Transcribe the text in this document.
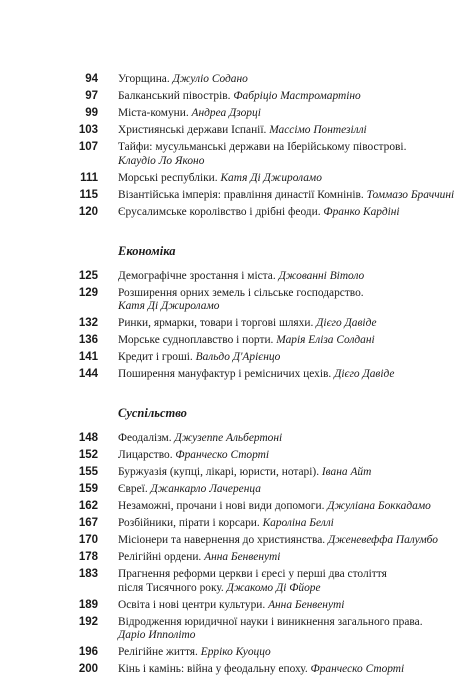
94 Угорщина. Джуліо Содано
97 Балканський півострів. Фабріціо Мастромартіно
99 Міста-комуни. Андреа Дзорці
103 Християнські держави Іспанії. Массімо Понтезіллі
107 Тайфи: мусульманські держави на Іберійському півострові.
Клаудіо Ло Яконо
111 Морські республіки. Катя Ді Джироламо
115 Візантійська імперія: правління династії Комнінів. Томмазо Браччині
120 Єрусалимське королівство і дрібні феоди. Франко Кардіні
Економіка
125 Демографічне зростання і міста. Джованні Вітоло
129 Розширення орних земель і сільське господарство.
Катя Ді Джироламо
132 Ринки, ярмарки, товари і торгові шляхи. Дієго Давіде
136 Морське судноплавство і порти. Марія Еліза Солдані
141 Кредит і гроші. Вальдо Д'Арієнцо
144 Поширення мануфактур і ремісничих цехів. Дієго Давіде
Суспільство
148 Феодалізм. Джузеппе Альбертоні
152 Лицарство. Франческо Сторті
155 Буржуазія (купці, лікарі, юристи, нотарі). Івана Айт
159 Євреї. Джанкарло Лачеренца
162 Незаможні, прочани і нові види допомоги. Джуліана Боккадамо
167 Розбійники, пірати і корсари. Кароліна Беллі
170 Місіонери та навернення до християнства. Дженевеффа Палумбо
178 Релігійні ордени. Анна Бенвенуті
183 Прагнення реформи церкви і єресі у перші два століття
після Тисячного року. Джакомо Ді Фйоре
189 Освіта і нові центри культури. Анна Бенвенуті
192 Відродження юридичної науки і виникнення загального права.
Даріо Ипполіто
196 Релігійне життя. Ерріко Куоццо
200 Кінь і камінь: війна у феодальну епоху. Франческо Сторті
